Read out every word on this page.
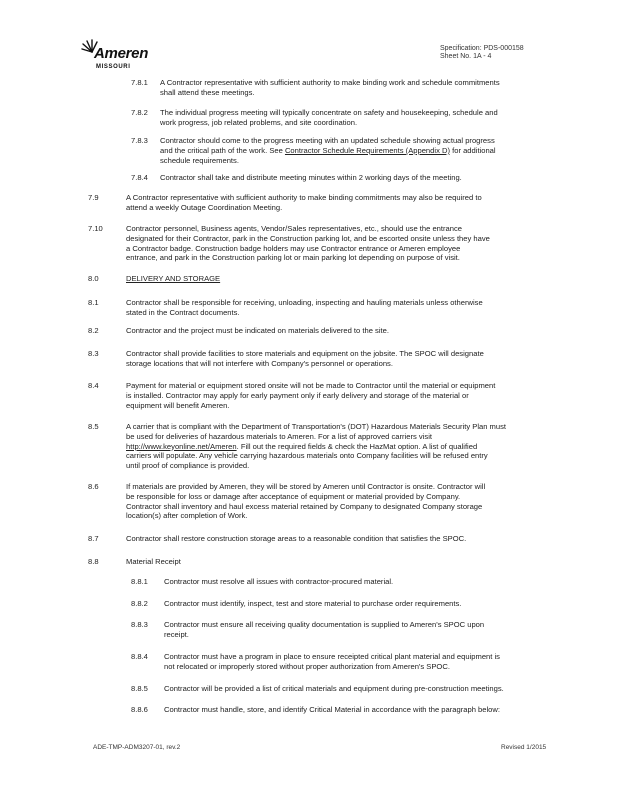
Ameren
MISSOURI
Specification: PDS-000158
Sheet No. 1A - 4
7.8.1 A Contractor representative with sufficient authority to make binding work and schedule commitments
shall attend these meetings.
7.8.2 The individual progress meeting will typically concentrate on safety and housekeeping, schedule and
work progress, job related problems, and site coordination.
7.8.3 Contractor should come to the progress meeting with an updated schedule showing actual progress
and the critical path of the work. See Contractor Schedule Requirements (Appendix D) for additional
schedule requirements.
7.8.4 Contractor shall take and distribute meeting minutes within 2 working days of the meeting.
7.9	A Contractor representative with sufficient authority to make binding commitments may also be required to
attend a weekly Outage Coordination Meeting.
7.10	Contractor personnel, Business agents, Vendor/Sales representatives, etc., should use the entrance
designated for their Contractor, park in the Construction parking lot, and be escorted onsite unless they have
a Contractor badge. Construction badge holders may use Contractor entrance or Ameren employee
entrance, and park in the Construction parking lot or main parking lot depending on purpose of visit.
8.0	DELIVERY AND STORAGE
8.1	Contractor shall be responsible for receiving, unloading, inspecting and hauling materials unless otherwise
stated in the Contract documents.
8.2	Contractor and the project must be indicated on materials delivered to the site.
8.3	Contractor shall provide facilities to store materials and equipment on the jobsite. The SPOC will designate
storage locations that will not interfere with Company's personnel or operations.
8.4	Payment for material or equipment stored onsite will not be made to Contractor until the material or equipment
is installed. Contractor may apply for early payment only if early delivery and storage of the material or
equipment will benefit Ameren.
8.5	A carrier that is compliant with the Department of Transportation's (DOT) Hazardous Materials Security Plan must
be used for deliveries of hazardous materials to Ameren. For a list of approved carriers visit
http://www.keyonline.net/Ameren. Fill out the required fields & check the HazMat option. A list of qualified
carriers will populate. Any vehicle carrying hazardous materials onto Company facilities will be refused entry
until proof of compliance is provided.
8.6	If materials are provided by Ameren, they will be stored by Ameren until Contractor is onsite. Contractor will
be responsible for loss or damage after acceptance of equipment or material provided by Company.
Contractor shall inventory and haul excess material retained by Company to designated Company storage
location(s) after completion of Work.
8.7	Contractor shall restore construction storage areas to a reasonable condition that satisfies the SPOC.
8.8	Material Receipt
8.8.1 Contractor must resolve all issues with contractor-procured material.
8.8.2 Contractor must identify, inspect, test and store material to purchase order requirements.
8.8.3 Contractor must ensure all receiving quality documentation is supplied to Ameren's SPOC upon
receipt.
8.8.4 Contractor must have a program in place to ensure receipted critical plant material and equipment is
not relocated or improperly stored without proper authorization from Ameren's SPOC.
8.8.5 Contractor will be provided a list of critical materials and equipment during pre-construction meetings.
8.8.6 Contractor must handle, store, and identify Critical Material in accordance with the paragraph below:
ADE-TMP-ADM3207-01, rev.2	Revised 1/2015
